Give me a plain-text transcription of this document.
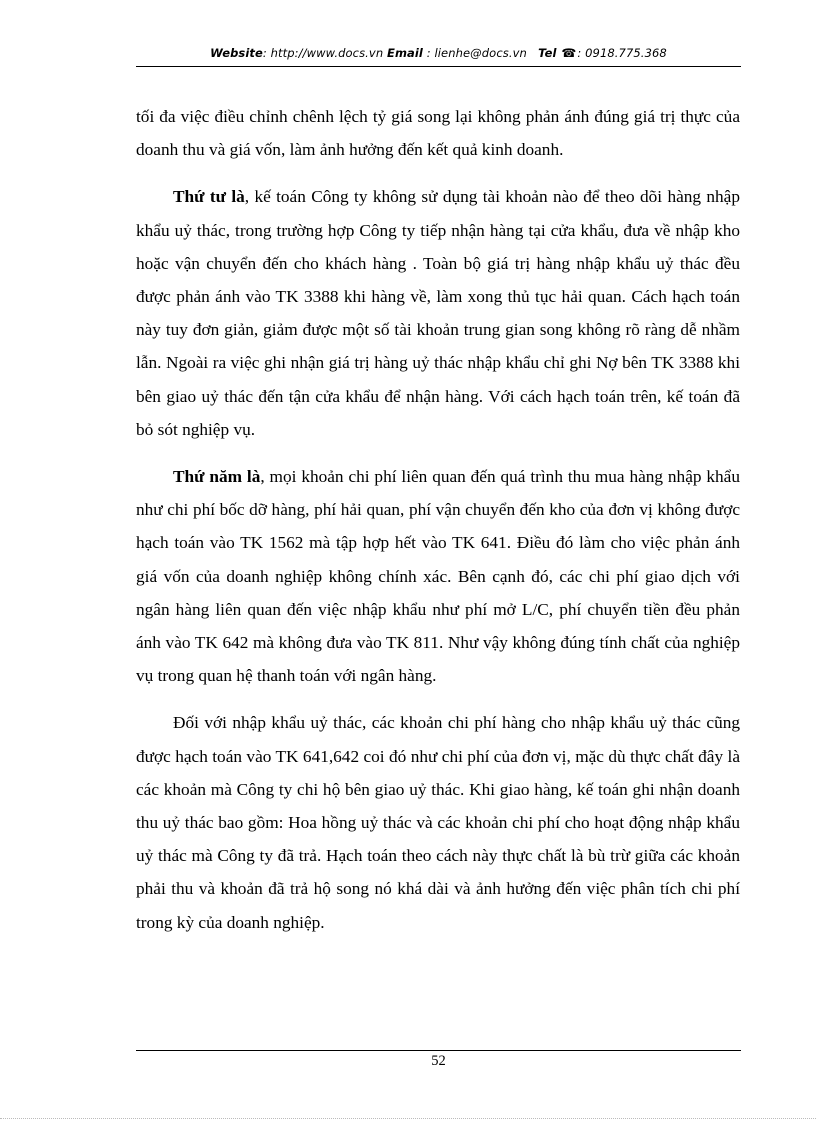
Website: http://www.docs.vn Email : lienhe@docs.vn Tel ☎: 0918.775.368

tối đa việc điều chỉnh chênh lệch tỷ giá song lại không phản ánh đúng giá trị thực của doanh thu và giá vốn, làm ảnh hưởng đến kết quả kinh doanh.

Thứ tư là, kế toán Công ty không sử dụng tài khoản nào để theo dõi hàng nhập khẩu uỷ thác, trong trường hợp Công ty tiếp nhận hàng tại cửa khẩu, đưa về nhập kho hoặc vận chuyển đến cho khách hàng . Toàn bộ giá trị hàng nhập khẩu uỷ thác đều được phản ánh vào TK 3388 khi hàng về, làm xong thủ tục hải quan. Cách hạch toán này tuy đơn giản, giảm được một số tài khoản trung gian song không rõ ràng dễ nhầm lẫn. Ngoài ra việc ghi nhận giá trị hàng uỷ thác nhập khẩu chỉ ghi Nợ bên TK 3388 khi bên giao uỷ thác đến tận cửa khẩu để nhận hàng. Với cách hạch toán trên, kế toán đã bỏ sót nghiệp vụ.

Thứ năm là, mọi khoản chi phí liên quan đến quá trình thu mua hàng nhập khẩu như chi phí bốc dỡ hàng, phí hải quan, phí vận chuyển đến kho của đơn vị không được hạch toán vào TK 1562 mà tập hợp hết vào TK 641. Điều đó làm cho việc phản ánh giá vốn của doanh nghiệp không chính xác. Bên cạnh đó, các chi phí giao dịch với ngân hàng liên quan đến việc nhập khẩu như phí mở L/C, phí chuyển tiền đều phản ánh vào TK 642 mà không đưa vào TK 811. Như vậy không đúng tính chất của nghiệp vụ trong quan hệ thanh toán với ngân hàng.

Đối với nhập khẩu uỷ thác, các khoản chi phí hàng cho nhập khẩu uỷ thác cũng được hạch toán vào TK 641,642 coi đó như chi phí của đơn vị, mặc dù thực chất đây là các khoản mà Công ty chi hộ bên giao uỷ thác. Khi giao hàng, kế toán ghi nhận doanh thu uỷ thác bao gồm: Hoa hồng uỷ thác và các khoản chi phí cho hoạt động nhập khẩu uỷ thác mà Công ty đã trả. Hạch toán theo cách này thực chất là bù trừ giữa các khoản phải thu và khoản đã trả hộ song nó khá dài và ảnh hưởng đến việc phân tích chi phí trong kỳ của doanh nghiệp.

52
